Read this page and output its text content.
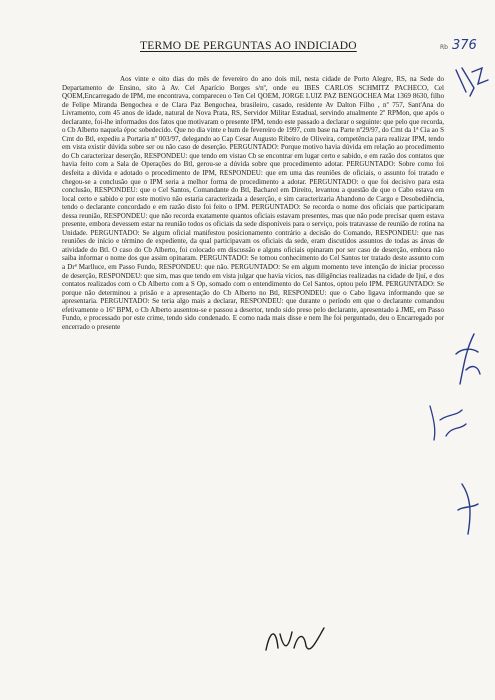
TERMO DE PERGUNTAS AO INDICIADO	Rb 376

Aos vinte e oito dias do mês de fevereiro do ano dois mil, nesta cidade de Porto Alegre, RS, na Sede do Departamento de Ensino, sito à Av. Cel Aparício Borges s/nº, onde eu IBES CARLOS SCHMITZ PACHECO, Cel QOEM,Encarregado de IPM, me encontrava, compareceu o Ten Cel QOEM, JORGE LUIZ PAZ BENGOCHEA Mat 1369 8630, filho de Felipe Miranda Bengochea e de Clara Paz Bengochea, brasileiro, casado, residente Av Dalton Filho , nº 757, Sant'Ana do Livramento, com 45 anos de idade, natural de Nova Prata, RS, Servidor Militar Estadual, servindo atualmente 2º RPMon, que após o declarante, foi-lhe informados dos fatos que motivaram o presente IPM, tendo este passado a declarar o seguinte: que pelo que recorda, o Cb Alberto naquela époc sobedecido. Que no dia vinte e hum de fevereiro de 1997, com base na Parte nº29/97, do Cmt da 1ª Cia ao S Cmt do Btl, expediu a Portaria nº 003/97, delegando ao Cap Cesar Augusto Ribeiro de Oliveira, competência para realizar IPM, tendo em vista existir dúvida sobre ser ou não caso de deserção. PERGUNTADO: Porque motivo havia dúvida em relação ao procedimento do Cb caracterizar deserção, RESPONDEU: que tendo em vistao Cb se encontrar em lugar certo e sabido, e em razão dos contatos que havia feito com a Sala de Operações do Btl, gerou-se a dúvida sobre que procedimento adotar. PERGUNTADO: Sobre como foi desfeita a dúvida e adotado o procedimento de IPM, RESPONDEU: que em uma das reuniões de oficiais, o assunto foi tratado e chegou-se a conclusão que o IPM seria a melhor forma de procedimento a adotar. PERGUNTADO: o que foi decisivo para esta conclusão, RESPONDEU: que o Cel Santos, Comandante do Btl, Bacharel em Direito, levantou a questão de que o Cabo estava em local certo e sabido e por este motivo não estaria caracterizada a deserção, e sim caracterizaria Abandono de Cargo e Desobediência, tendo o declarante concordado e em razão disto foi feito o IPM. PERGUNTADO: Se recorda o nome dos oficiais que participaram dessa reunião, RESPONDEU: que não recorda exatamente quantos oficiais estavam presentes, mas que não pode precisar quem estava presente, embora devessem estar na reunião todos os oficiais da sede disponíveis para o serviço, pois tratavasse de reunião de rotina na Unidade. PERGUNTADO: Se algum oficial manifestou posicionamento contrário a decisão do Comando, RESPONDEU: que nas reuniões de início e término de expediente, da qual participavam os oficiais da sede, eram discutidos assuntos de todas as áreas de atividade do Btl. O caso do Cb Alberto, foi colocado em discussão e alguns oficiais opinaram por ser caso de deserção, embora não saiba informar o nome dos que assim opinaram. PERGUNTADO: Se tomou conhecimento do Cel Santos ter tratado deste assunto com a Drª Marlluce, em Passo Fundo, RESPONDEU: que não. PERGUNTADO: Se em algum momento teve intenção de iniciar processo de deserção, RESPONDEU: que sim, mas que tendo em vista julgar que havia vícios, nas diligências realizadas na cidade de Ijuí, e dos contatos realizados com o Cb Alberto com a S Op, somado com o entendimento do Cel Santos, optou pelo IPM. PERGUNTADO: Se porque não determinou a prisão e a apresentação do Cb Alberto no Btl, RESPONDEU: que o Cabo ligava informando que se apresentaria. PERGUNTADO: Se teria algo mais a declarar, RESPONDEU: que durante o período em que o declarante comandou efetivamente o 16º BPM, o Cb Alberto ausentou-se e passou a desertor, tendo sido preso pelo declarante, apresentado à JME, em Passo Fundo, e processado por este crime, tendo sido condenado. E como nada mais disse e nem lhe foi perguntado, deu o Encarregado por encerrado o presente
